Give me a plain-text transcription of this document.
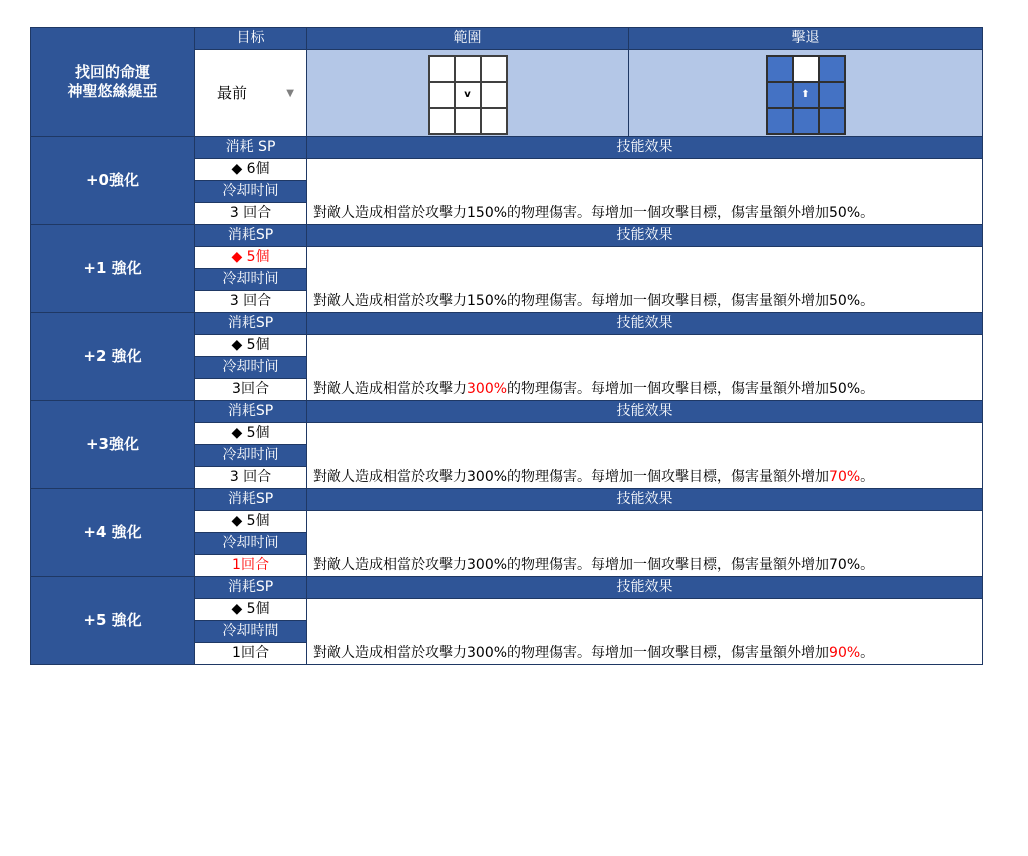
找回的命運
神聖悠絲緹亞	目标	範圍	擊退

	最前 ▼	v	⬆

+0強化	消耗 SP	技能效果	
	◆ 6個	對敵人造成相當於攻擊力150%的物理傷害。每增加一個攻擊目標，傷害量額外增加50%。	
	冷却时间		
	3 回合		
+1 強化	消耗SP	技能效果	
	◆ 5個	對敵人造成相當於攻擊力150%的物理傷害。每增加一個攻擊目標，傷害量額外增加50%。	
	冷却时间		
	3 回合		
+2 強化	消耗SP	技能效果	
	◆ 5個	對敵人造成相當於攻擊力300%的物理傷害。每增加一個攻擊目標，傷害量額外增加50%。	
	冷却时间		
	3回合		
+3強化	消耗SP	技能效果	
	◆ 5個	對敵人造成相當於攻擊力300%的物理傷害。每增加一個攻擊目標，傷害量額外增加70%。	
	冷却时间		
	3 回合		
+4 強化	消耗SP	技能效果	
	◆ 5個	對敵人造成相當於攻擊力300%的物理傷害。每增加一個攻擊目標，傷害量額外增加70%。	
	冷却时间		
	1回合		
+5 強化	消耗SP	技能效果	
	◆ 5個	對敵人造成相當於攻擊力300%的物理傷害。每增加一個攻擊目標，傷害量額外增加90%。	
	冷却時間		
	1回合		
